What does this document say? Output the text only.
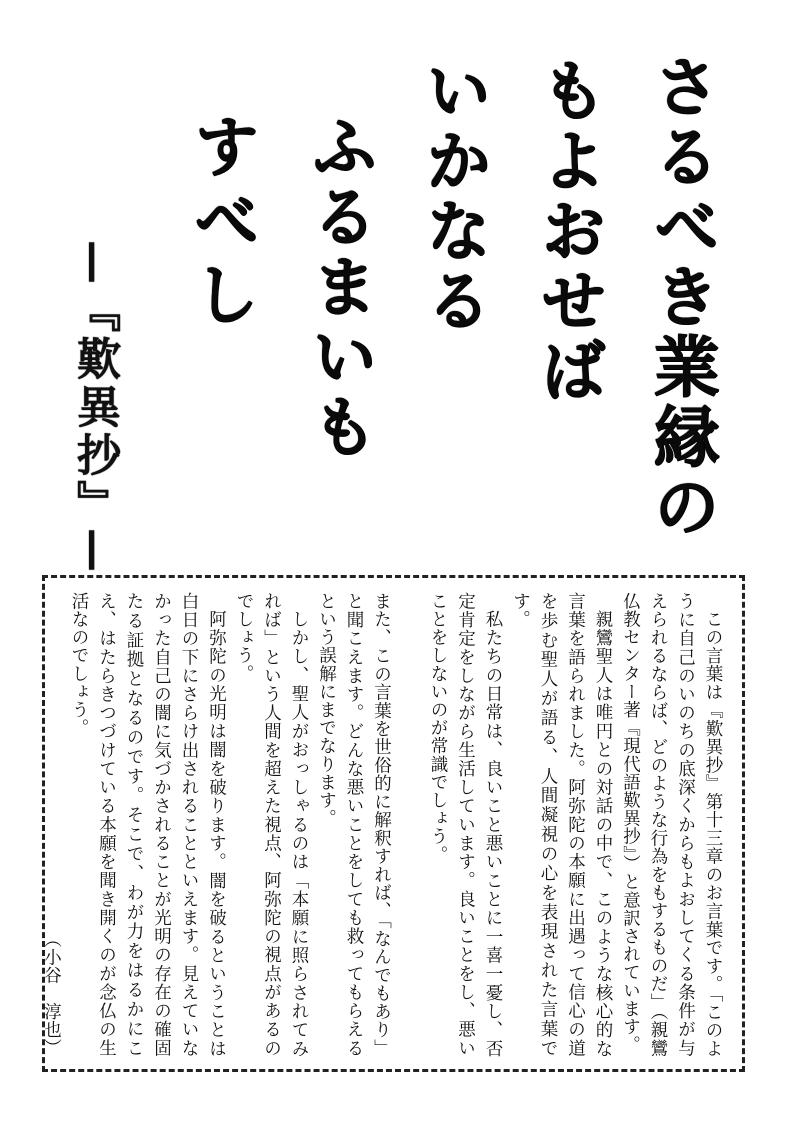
さるべき業縁の
もよおせば
いかなる
ふるまいも
すべし
—『歎異抄』—

この言葉は『歎異抄』第十三章のお言葉です。「このように自己のいのちの底深くからもよおしてくる条件が与えられるならば、どのような行為をもするものだ」（親鸞仏教センター著『現代語歎異抄』）と意訳されています。

親鸞聖人は唯円との対話の中で、このような核心的な言葉を語られました。阿弥陀の本願に出遇って信心の道を歩む聖人が語る、人間凝視の心を表現された言葉です。

私たちの日常は、良いこと悪いことに一喜一憂し、否定肯定をしながら生活しています。良いことをし、悪いことをしないのが常識でしょう。

また、この言葉を世俗的に解釈すれば、「なんでもあり」と聞こえます。どんな悪いことをしても救ってもらえるという誤解にまでなります。

しかし、聖人がおっしゃるのは「本願に照らされてみれば」という人間を超えた視点、阿弥陀の視点があるのでしょう。

阿弥陀の光明は闇を破ります。闇を破るということは白日の下にさらけ出されることといえます。見えていなかった自己の闇に気づかされることが光明の存在の確固たる証拠となるのです。そこで、わが力をはるかにこえ、はたらきつづけている本願を聞き開くのが念仏の生活なのでしょう。

（小谷　淳也）
